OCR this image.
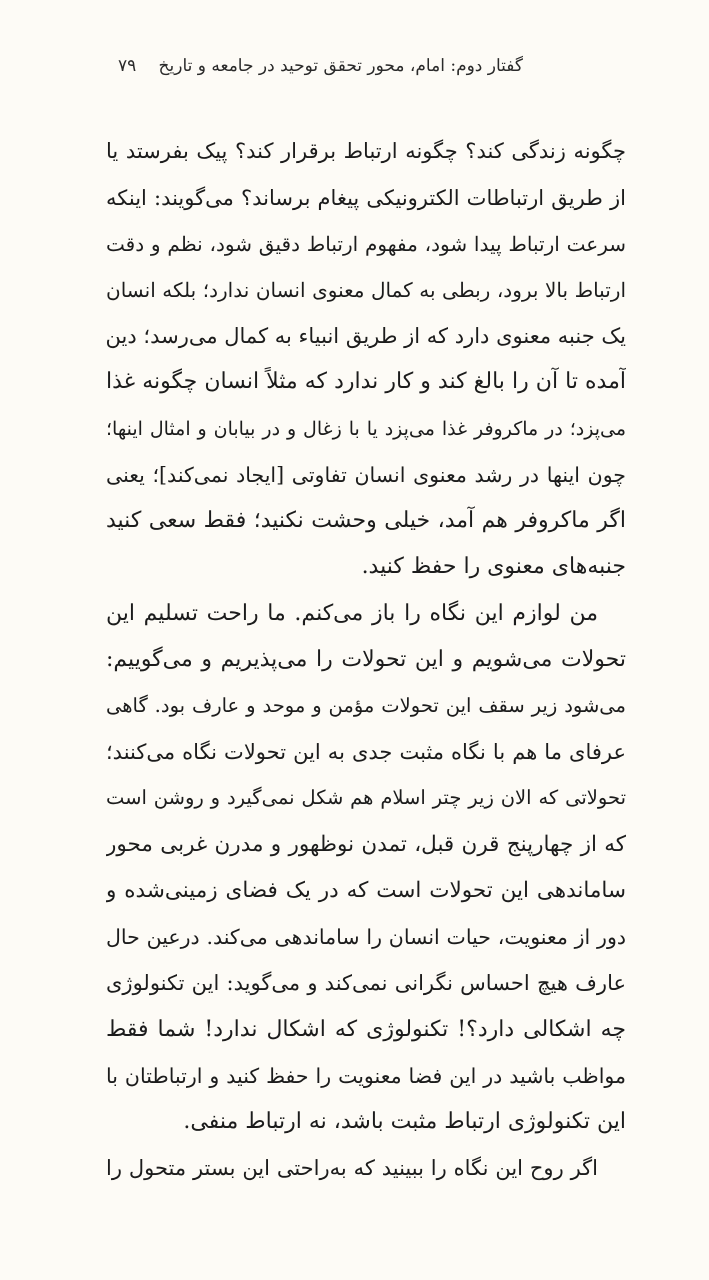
گفتار دوم: امام، محور تحقق توحید در جامعه و تاریخ
۷۹
چگونه زندگی کند؟ چگونه ارتباط برقرار کند؟ پیک بفرستد یا
از طریق ارتباطات الکترونیکی پیغام برساند؟ می‌گویند: اینکه
سرعت ارتباط پیدا شود، مفهوم ارتباط دقیق شود، نظم و دقت
ارتباط بالا برود، ربطی به کمال معنوی انسان ندارد؛ بلکه انسان
یک جنبه معنوی دارد که از طریق انبیاء به کمال می‌رسد؛ دین
آمده تا آن را بالغ کند و کار ندارد که مثلاً انسان چگونه غذا
می‌پزد؛ در ماکروفر غذا می‌پزد یا با زغال و در بیابان و امثال اینها؛
چون اینها در رشد معنوی انسان تفاوتی [ایجاد نمی‌کند]؛ یعنی
اگر ماکروفر هم آمد، خیلی وحشت نکنید؛ فقط سعی کنید
جنبه‌های معنوی را حفظ کنید.
من لوازم این نگاه را باز می‌کنم. ما راحت تسلیم این
تحولات می‌شویم و این تحولات را می‌پذیریم و می‌گوییم:
می‌شود زیر سقف این تحولات مؤمن و موحد و عارف بود. گاهی
عرفای ما هم با نگاه مثبت جدی به این تحولات نگاه می‌کنند؛
تحولاتی که الان زیر چتر اسلام هم شکل نمی‌گیرد و روشن است
که از چهارپنج قرن قبل، تمدن نوظهور و مدرن غربی محور
ساماندهی این تحولات است که در یک فضای زمینی‌شده و
دور از معنویت، حیات انسان را ساماندهی می‌کند. درعین حال
عارف هیچ احساس نگرانی نمی‌کند و می‌گوید: این تکنولوژی
چه اشکالی دارد؟! تکنولوژی که اشکال ندارد! شما فقط
مواظب باشید در این فضا معنویت را حفظ کنید و ارتباطتان با
این تکنولوژی ارتباط مثبت باشد، نه ارتباط منفی.
اگر روح این نگاه را ببینید که به‌راحتی این بستر متحول را
